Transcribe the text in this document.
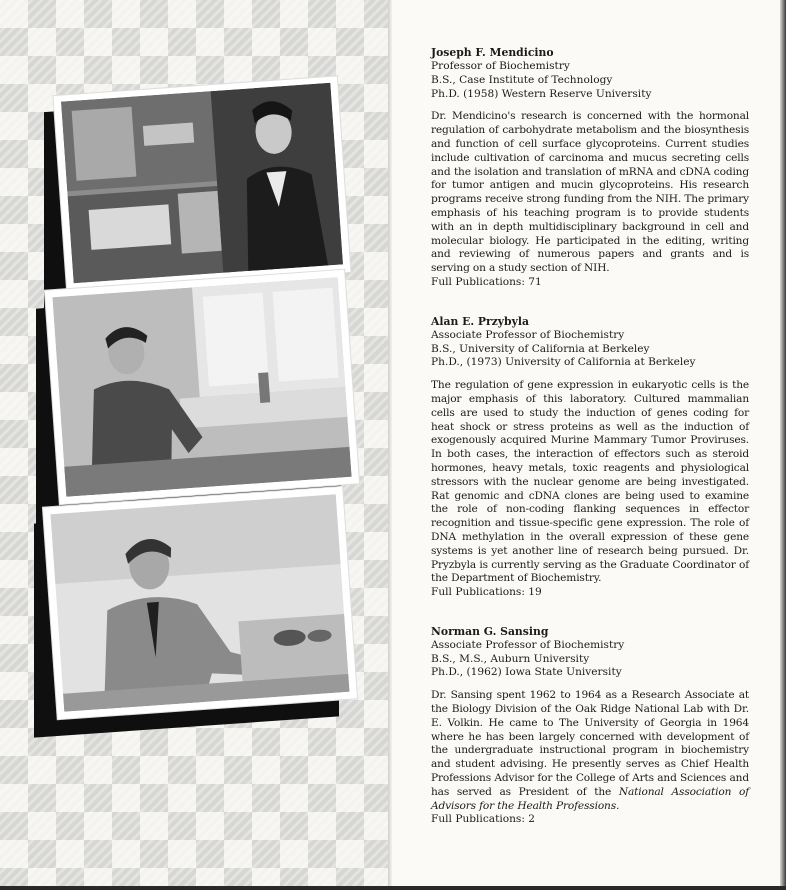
Joseph F. Mendicino
Professor of Biochemistry
B.S., Case Institute of Technology
Ph.D. (1958) Western Reserve University

Dr. Mendicino's research is concerned with the hormonal regulation of carbohydrate metabolism and the biosynthesis and function of cell surface glycoproteins. Current studies include cultivation of carcinoma and mucus secreting cells and the isolation and translation of mRNA and cDNA coding for tumor antigen and mucin glycoproteins. His research programs receive strong funding from the NIH. The primary emphasis of his teaching program is to provide students with an in depth multidisciplinary background in cell and molecular biology. He participated in the editing, writing and reviewing of numerous papers and grants and is serving on a study section of NIH.

Full Publications: 71
Alan E. Przybyla
Associate Professor of Biochemistry
B.S., University of California at Berkeley
Ph.D., (1973) University of California at Berkeley

The regulation of gene expression in eukaryotic cells is the major emphasis of this laboratory. Cultured mammalian cells are used to study the induction of genes coding for heat shock or stress proteins as well as the induction of exogenously acquired Murine Mammary Tumor Proviruses. In both cases, the interaction of effectors such as steroid hormones, heavy metals, toxic reagents and physiological stressors with the nuclear genome are being investigated. Rat genomic and cDNA clones are being used to examine the role of non-coding flanking sequences in effector recognition and tissue-specific gene expression. The role of DNA methylation in the overall expression of these gene systems is yet another line of research being pursued. Dr. Pryzbyla is currently serving as the Graduate Coordinator of the Department of Biochemistry.

Full Publications: 19
Norman G. Sansing
Associate Professor of Biochemistry
B.S., M.S., Auburn University
Ph.D., (1962) Iowa State University

Dr. Sansing spent 1962 to 1964 as a Research Associate at the Biology Division of the Oak Ridge National Lab with Dr. E. Volkin. He came to The University of Georgia in 1964 where he has been largely concerned with development of the undergraduate instructional program in biochemistry and student advising. He presently serves as Chief Health Professions Advisor for the College of Arts and Sciences and has served as President of the National Association of Advisors for the Health Professions.

Full Publications: 2
